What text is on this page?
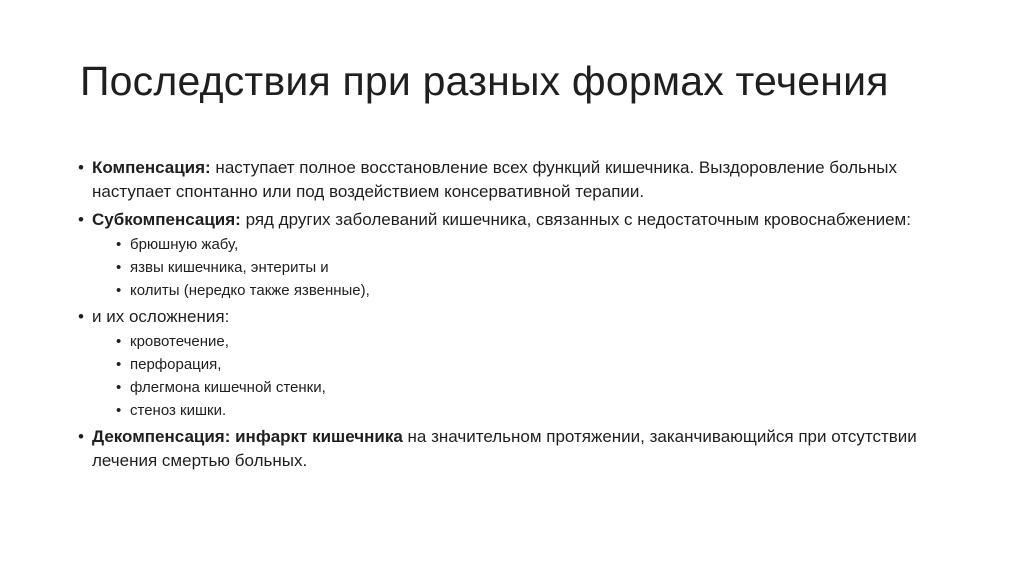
Последствия при разных формах течения
• Компенсация: наступает полное восстановление всех функций кишечника. Выздоровление больных наступает спонтанно или под воздействием консервативной терапии.
• Субкомпенсация: ряд других заболеваний кишечника, связанных с недостаточным кровоснабжением:
• брюшную жабу,
• язвы кишечника, энтериты и
• колиты (нередко также язвенные),
• и их осложнения:
• кровотечение,
• перфорация,
• флегмона кишечной стенки,
• стеноз кишки.
• Декомпенсация: инфаркт кишечника на значительном протяжении, заканчивающийся при отсутствии лечения смертью больных.
